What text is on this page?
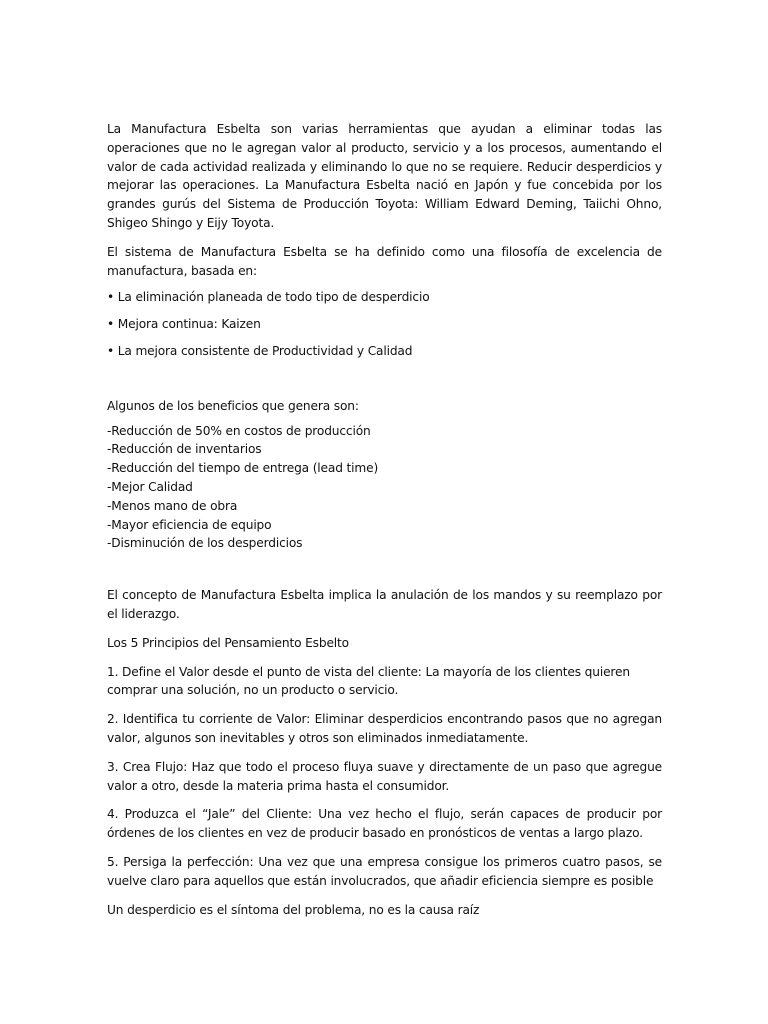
La Manufactura Esbelta son varias herramientas que ayudan a eliminar todas las operaciones que no le agregan valor al producto, servicio y a los procesos, aumentando el valor de cada actividad realizada y eliminando lo que no se requiere. Reducir desperdicios y mejorar las operaciones. La Manufactura Esbelta nació en Japón y fue concebida por los grandes gurús del Sistema de Producción Toyota: William Edward Deming, Taiichi Ohno, Shigeo Shingo y Eijy Toyota.

El sistema de Manufactura Esbelta se ha definido como una filosofía de excelencia de manufactura, basada en:

• La eliminación planeada de todo tipo de desperdicio

• Mejora continua: Kaizen

• La mejora consistente de Productividad y Calidad

Algunos de los beneficios que genera son:

-Reducción de 50% en costos de producción
-Reducción de inventarios
-Reducción del tiempo de entrega (lead time)
-Mejor Calidad
-Menos mano de obra
-Mayor eficiencia de equipo
-Disminución de los desperdicios

El concepto de Manufactura Esbelta implica la anulación de los mandos y su reemplazo por el liderazgo.

Los 5 Principios del Pensamiento Esbelto

1. Define el Valor desde el punto de vista del cliente: La mayoría de los clientes quieren comprar una solución, no un producto o servicio.

2. Identifica tu corriente de Valor: Eliminar desperdicios encontrando pasos que no agregan valor, algunos son inevitables y otros son eliminados inmediatamente.

3. Crea Flujo: Haz que todo el proceso fluya suave y directamente de un paso que agregue valor a otro, desde la materia prima hasta el consumidor.

4. Produzca el “Jale” del Cliente: Una vez hecho el flujo, serán capaces de producir por órdenes de los clientes en vez de producir basado en pronósticos de ventas a largo plazo.

5. Persiga la perfección: Una vez que una empresa consigue los primeros cuatro pasos, se vuelve claro para aquellos que están involucrados, que añadir eficiencia siempre es posible

Un desperdicio es el síntoma del problema, no es la causa raíz
